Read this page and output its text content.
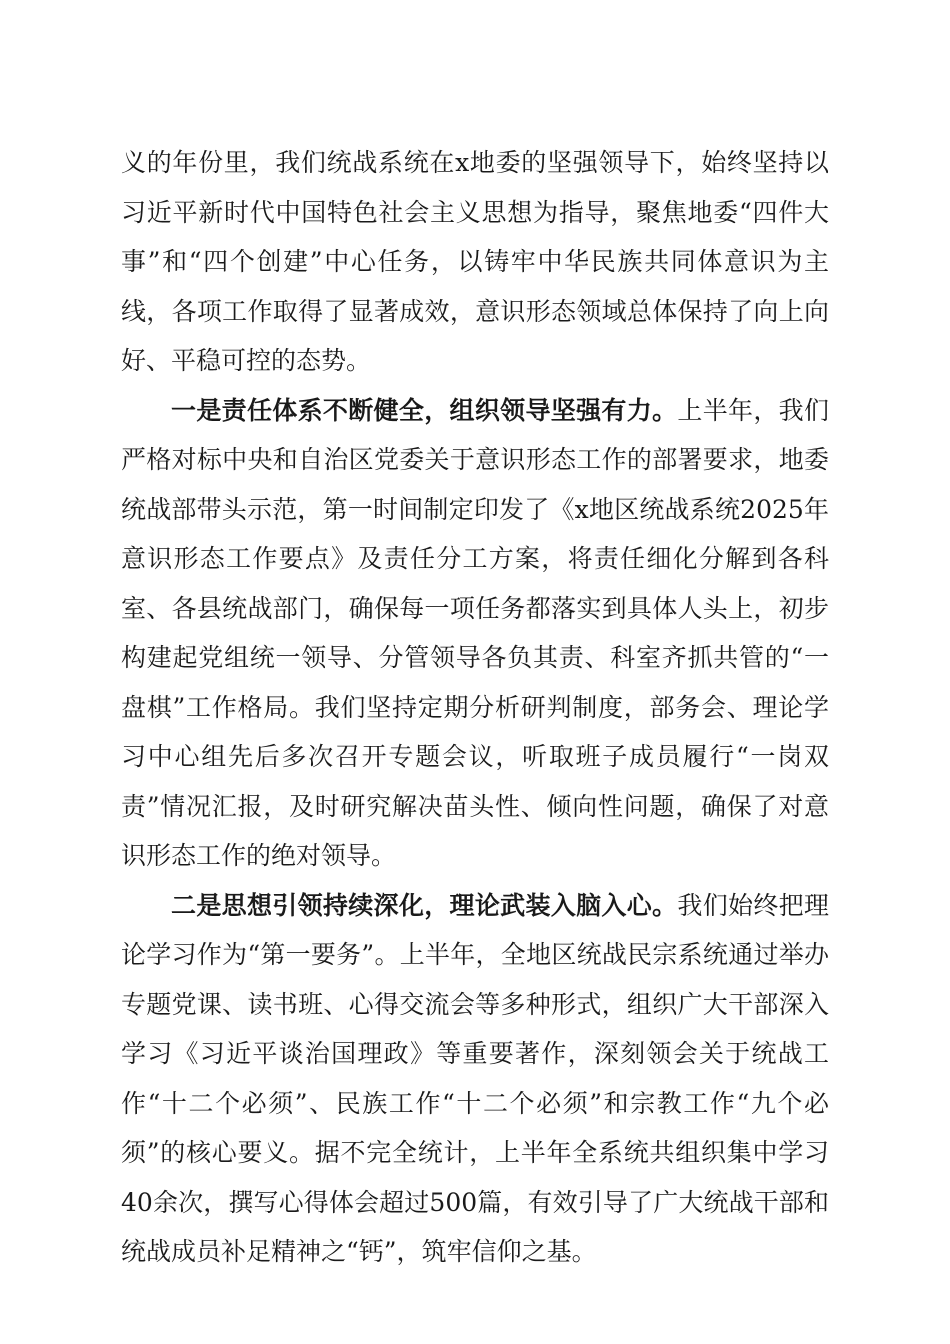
义的年份里，我们统战系统在x地委的坚强领导下，始终坚持以习近平新时代中国特色社会主义思想为指导，聚焦地委“四件大事”和“四个创建”中心任务，以铸牢中华民族共同体意识为主线，各项工作取得了显著成效，意识形态领域总体保持了向上向好、平稳可控的态势。

一是责任体系不断健全，组织领导坚强有力。上半年，我们严格对标中央和自治区党委关于意识形态工作的部署要求，地委统战部带头示范，第一时间制定印发了《x地区统战系统2025年意识形态工作要点》及责任分工方案，将责任细化分解到各科室、各县统战部门，确保每一项任务都落实到具体人头上，初步构建起党组统一领导、分管领导各负其责、科室齐抓共管的“一盘棋”工作格局。我们坚持定期分析研判制度，部务会、理论学习中心组先后多次召开专题会议，听取班子成员履行“一岗双责”情况汇报，及时研究解决苗头性、倾向性问题，确保了对意识形态工作的绝对领导。

二是思想引领持续深化，理论武装入脑入心。我们始终把理论学习作为“第一要务”。上半年，全地区统战民宗系统通过举办专题党课、读书班、心得交流会等多种形式，组织广大干部深入学习《习近平谈治国理政》等重要著作，深刻领会关于统战工作“十二个必须”、民族工作“十二个必须”和宗教工作“九个必须”的核心要义。据不完全统计，上半年全系统共组织集中学习40余次，撰写心得体会超过500篇，有效引导了广大统战干部和统战成员补足精神之“钙”，筑牢信仰之基。
